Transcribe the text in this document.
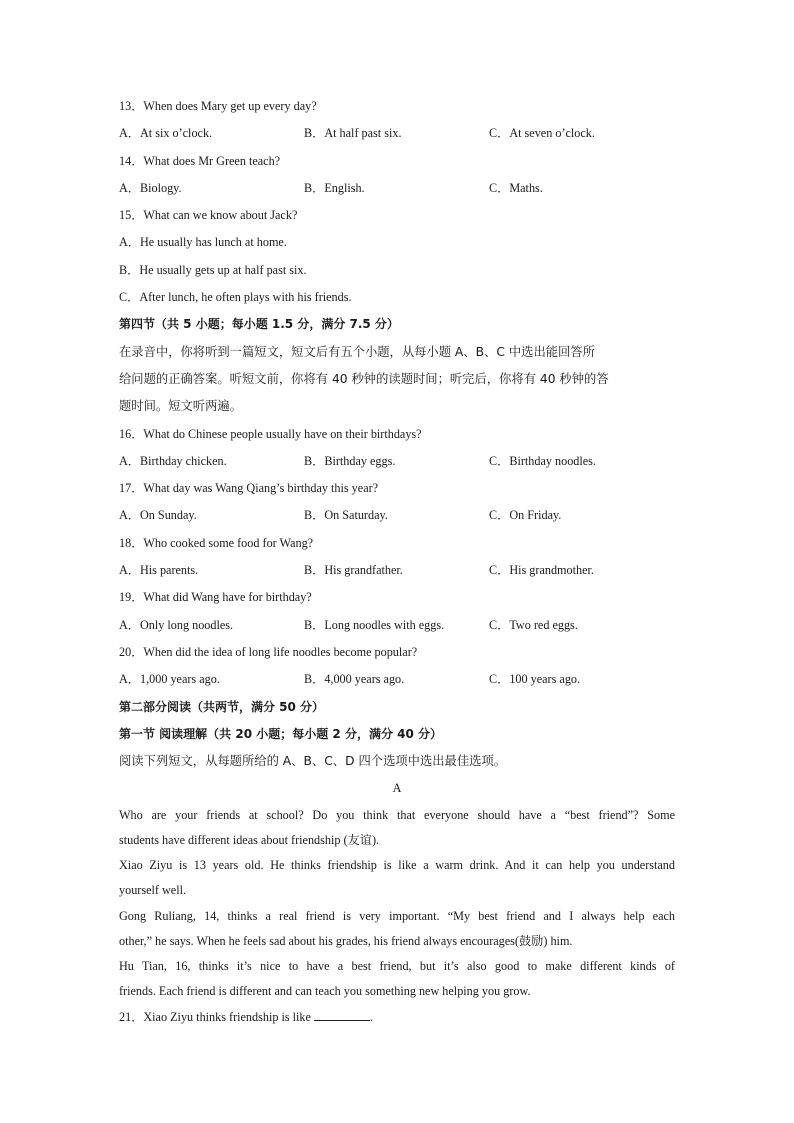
13．When does Mary get up every day?
A．At six o’clock.	B．At half past six.	C．At seven o’clock.
14．What does Mr Green teach?
A．Biology.	B．English.	C．Maths.
15．What can we know about Jack?
A．He usually has lunch at home.
B．He usually gets up at half past six.
C．After lunch, he often plays with his friends.
第四节（共 5 小题；每小题 1.5 分，满分 7.5 分）
在录音中，你将听到一篇短文，短文后有五个小题，从每小题 A、B、C 中选出能回答所
给问题的正确答案。听短文前，你将有 40 秒钟的读题时间；听完后，你将有 40 秒钟的答
题时间。短文听两遍。
16．What do Chinese people usually have on their birthdays?
A．Birthday chicken.	B．Birthday eggs.	C．Birthday noodles.
17．What day was Wang Qiang’s birthday this year?
A．On Sunday.	B．On Saturday.	C．On Friday.
18．Who cooked some food for Wang?
A．His parents.	B．His grandfather.	C．His grandmother.
19．What did Wang have for birthday?
A．Only long noodles.	B．Long noodles with eggs.	C．Two red eggs.
20．When did the idea of long life noodles become popular?
A．1,000 years ago.	B．4,000 years ago.	C．100 years ago.
第二部分阅读（共两节，满分 50 分）
第一节 阅读理解（共 20 小题；每小题 2 分，满分 40 分）
阅读下列短文，从每题所给的 A、B、C、D 四个选项中选出最佳选项。
A
Who are your friends at school? Do you think that everyone should have a “best friend”? Some
students have different ideas about friendship (友谊).
Xiao Ziyu is 13 years old. He thinks friendship is like a warm drink. And it can help you understand
yourself well.
Gong Ruliang, 14, thinks a real friend is very important. “My best friend and I always help each
other,” he says. When he feels sad about his grades, his friend always encourages(鼓励) him.
Hu Tian, 16, thinks it’s nice to have a best friend, but it’s also good to make different kinds of
friends. Each friend is different and can teach you something new helping you grow.
21．Xiao Ziyu thinks friendship is like	.
